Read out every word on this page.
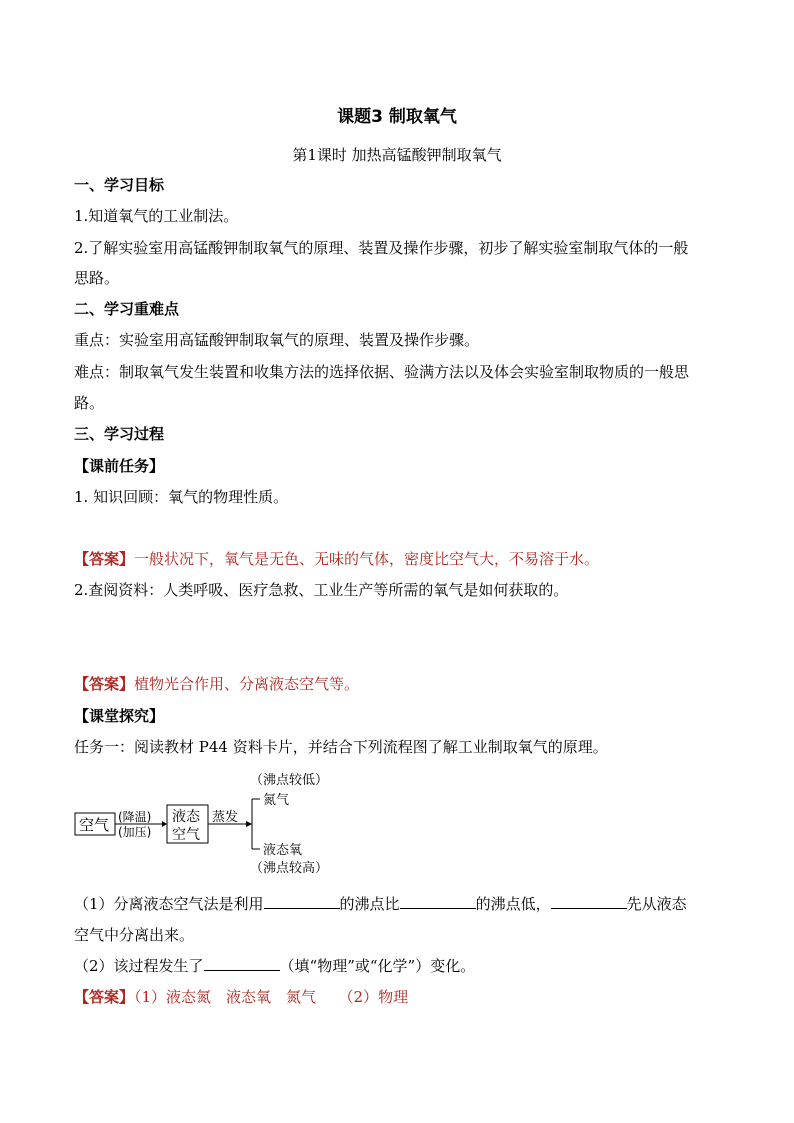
课题3 制取氧气
第1课时 加热高锰酸钾制取氧气
一、学习目标
1.知道氧气的工业制法。
2.了解实验室用高锰酸钾制取氧气的原理、装置及操作步骤，初步了解实验室制取气体的一般
思路。
二、学习重难点
重点：实验室用高锰酸钾制取氧气的原理、装置及操作步骤。
难点：制取氧气发生装置和收集方法的选择依据、验满方法以及体会实验室制取物质的一般思
路。
三、学习过程
【课前任务】
1. 知识回顾：氧气的物理性质。
【答案】一般状况下，氧气是无色、无味的气体，密度比空气大，不易溶于水。
2.查阅资料：人类呼吸、医疗急救、工业生产等所需的氧气是如何获取的。
【答案】植物光合作用、分离液态空气等。
【课堂探究】
任务一：阅读教材 P44 资料卡片，并结合下列流程图了解工业制取氧气的原理。
（沸点较低）
空气 (降温)
(加压)
液态
空气
蒸发
氮气
液态氧
（沸点较高）
（1）分离液态空气法是利用	的沸点比	的沸点低，	先从液态
空气中分离出来。
（2）该过程发生了	（填“物理”或“化学”）变化。
【答案】（1）液态氮　液态氧　氮气　　（2）物理
